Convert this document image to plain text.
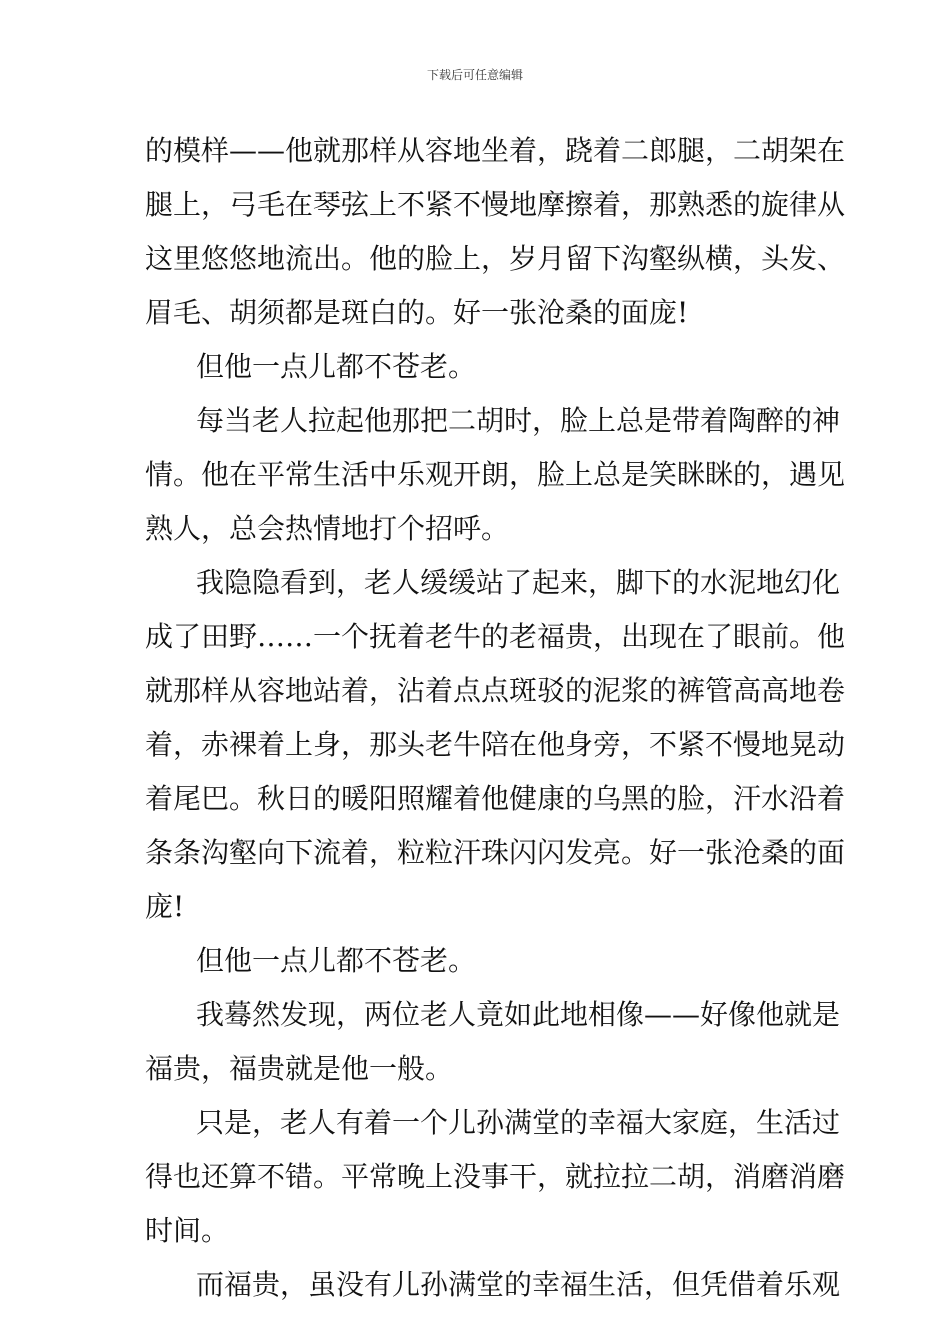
下载后可任意编辑
的模样——他就那样从容地坐着，跷着二郎腿，二胡架在
腿上，弓毛在琴弦上不紧不慢地摩擦着，那熟悉的旋律从
这里悠悠地流出。他的脸上，岁月留下沟壑纵横，头发、
眉毛、胡须都是斑白的。好一张沧桑的面庞!
但他一点儿都不苍老。
每当老人拉起他那把二胡时，脸上总是带着陶醉的神
情。他在平常生活中乐观开朗，脸上总是笑眯眯的，遇见
熟人，总会热情地打个招呼。
我隐隐看到，老人缓缓站了起来，脚下的水泥地幻化
成了田野……一个抚着老牛的老福贵，出现在了眼前。他
就那样从容地站着，沾着点点斑驳的泥浆的裤管高高地卷
着，赤裸着上身，那头老牛陪在他身旁，不紧不慢地晃动
着尾巴。秋日的暖阳照耀着他健康的乌黑的脸，汗水沿着
条条沟壑向下流着，粒粒汗珠闪闪发亮。好一张沧桑的面
庞!
但他一点儿都不苍老。
我蓦然发现，两位老人竟如此地相像——好像他就是
福贵，福贵就是他一般。
只是，老人有着一个儿孙满堂的幸福大家庭，生活过
得也还算不错。平常晚上没事干，就拉拉二胡，消磨消磨
时间。
而福贵，虽没有儿孙满堂的幸福生活，但凭借着乐观
